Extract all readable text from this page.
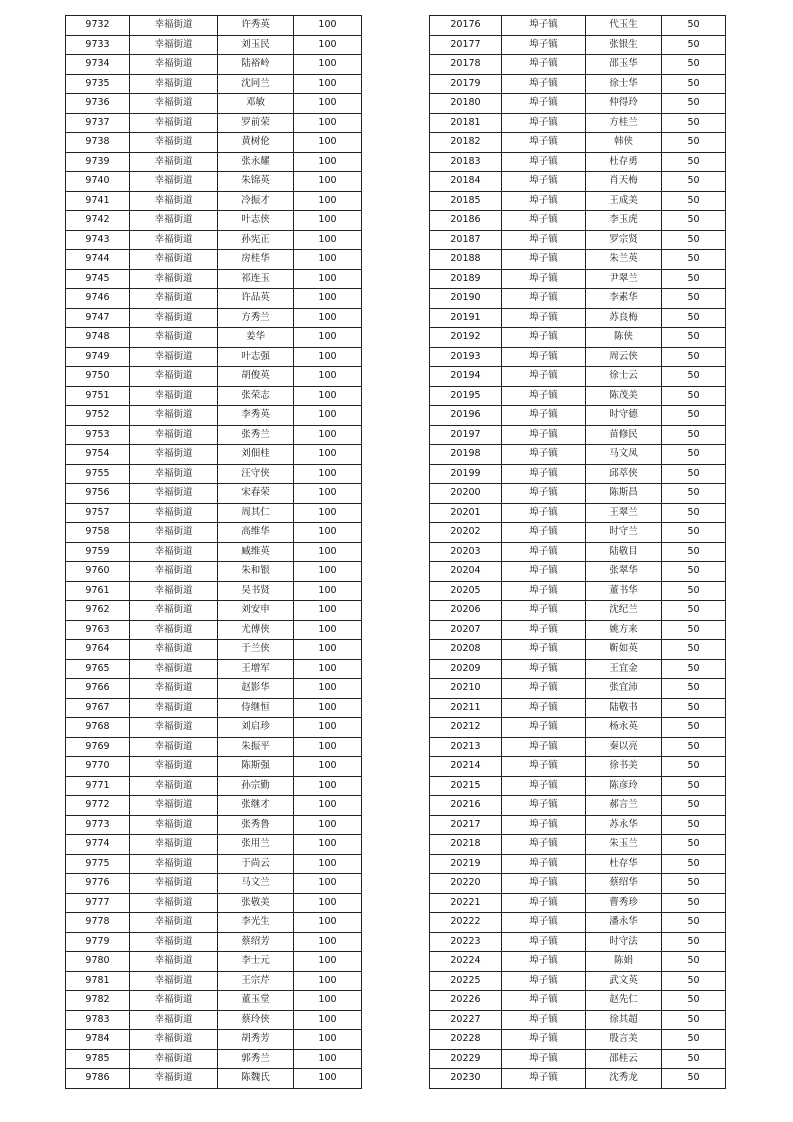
9732	幸福街道	许秀英	100
9733	幸福街道	刘玉民	100
9734	幸福街道	陆裕岭	100
9735	幸福街道	沈同兰	100
9736	幸福街道	邓敏	100
9737	幸福街道	罗前荣	100
9738	幸福街道	黄树伦	100
9739	幸福街道	张永耀	100
9740	幸福街道	朱锦英	100
9741	幸福街道	冷振才	100
9742	幸福街道	叶志侠	100
9743	幸福街道	孙宪正	100
9744	幸福街道	房桂华	100
9745	幸福街道	祁连玉	100
9746	幸福街道	许品英	100
9747	幸福街道	方秀兰	100
9748	幸福街道	姜华	100
9749	幸福街道	叶志强	100
9750	幸福街道	胡俊英	100
9751	幸福街道	张荣志	100
9752	幸福街道	李秀英	100
9753	幸福街道	张秀兰	100
9754	幸福街道	刘佃桂	100
9755	幸福街道	汪守侠	100
9756	幸福街道	宋春荣	100
9757	幸福街道	周其仁	100
9758	幸福街道	高维华	100
9759	幸福街道	臧维英	100
9760	幸福街道	朱和银	100
9761	幸福街道	吴书贤	100
9762	幸福街道	刘安申	100
9763	幸福街道	尤傅侠	100
9764	幸福街道	于兰侠	100
9765	幸福街道	王增军	100
9766	幸福街道	赵影华	100
9767	幸福街道	侍继恒	100
9768	幸福街道	刘启珍	100
9769	幸福街道	朱振平	100
9770	幸福街道	陈斯强	100
9771	幸福街道	孙宗勤	100
9772	幸福街道	张继才	100
9773	幸福街道	张秀鲁	100
9774	幸福街道	张用兰	100
9775	幸福街道	于尚云	100
9776	幸福街道	马文兰	100
9777	幸福街道	张敬美	100
9778	幸福街道	李光生	100
9779	幸福街道	蔡绍芳	100
9780	幸福街道	李士元	100
9781	幸福街道	王宗芹	100
9782	幸福街道	董玉堂	100
9783	幸福街道	蔡玲侠	100
9784	幸福街道	胡秀芳	100
9785	幸福街道	郭秀兰	100
9786	幸福街道	陈魏氏	100
20176	埠子镇	代玉生	50
20177	埠子镇	张银生	50
20178	埠子镇	邵玉华	50
20179	埠子镇	徐士华	50
20180	埠子镇	仲得玲	50
20181	埠子镇	方桂兰	50
20182	埠子镇	韩侠	50
20183	埠子镇	杜存勇	50
20184	埠子镇	肖天梅	50
20185	埠子镇	王成美	50
20186	埠子镇	李玉虎	50
20187	埠子镇	罗宗贤	50
20188	埠子镇	朱兰英	50
20189	埠子镇	尹翠兰	50
20190	埠子镇	李素华	50
20191	埠子镇	苏良梅	50
20192	埠子镇	陈侠	50
20193	埠子镇	周云侠	50
20194	埠子镇	徐士云	50
20195	埠子镇	陈茂美	50
20196	埠子镇	时守德	50
20197	埠子镇	苗修民	50
20198	埠子镇	马文凤	50
20199	埠子镇	邱萃侠	50
20200	埠子镇	陈斯昌	50
20201	埠子镇	王翠兰	50
20202	埠子镇	时守兰	50
20203	埠子镇	陆敬目	50
20204	埠子镇	张翠华	50
20205	埠子镇	董书华	50
20206	埠子镇	沈纪兰	50
20207	埠子镇	姚方来	50
20208	埠子镇	靳如英	50
20209	埠子镇	王宜金	50
20210	埠子镇	张宜沛	50
20211	埠子镇	陆敬书	50
20212	埠子镇	杨永英	50
20213	埠子镇	秦以亮	50
20214	埠子镇	徐书美	50
20215	埠子镇	陈彦玲	50
20216	埠子镇	郝言兰	50
20217	埠子镇	苏永华	50
20218	埠子镇	朱玉兰	50
20219	埠子镇	杜存华	50
20220	埠子镇	蔡绍华	50
20221	埠子镇	曹秀珍	50
20222	埠子镇	潘永华	50
20223	埠子镇	时守法	50
20224	埠子镇	陈娟	50
20225	埠子镇	武文英	50
20226	埠子镇	赵先仁	50
20227	埠子镇	徐其超	50
20228	埠子镇	殷言美	50
20229	埠子镇	邵桂云	50
20230	埠子镇	沈秀龙	50
